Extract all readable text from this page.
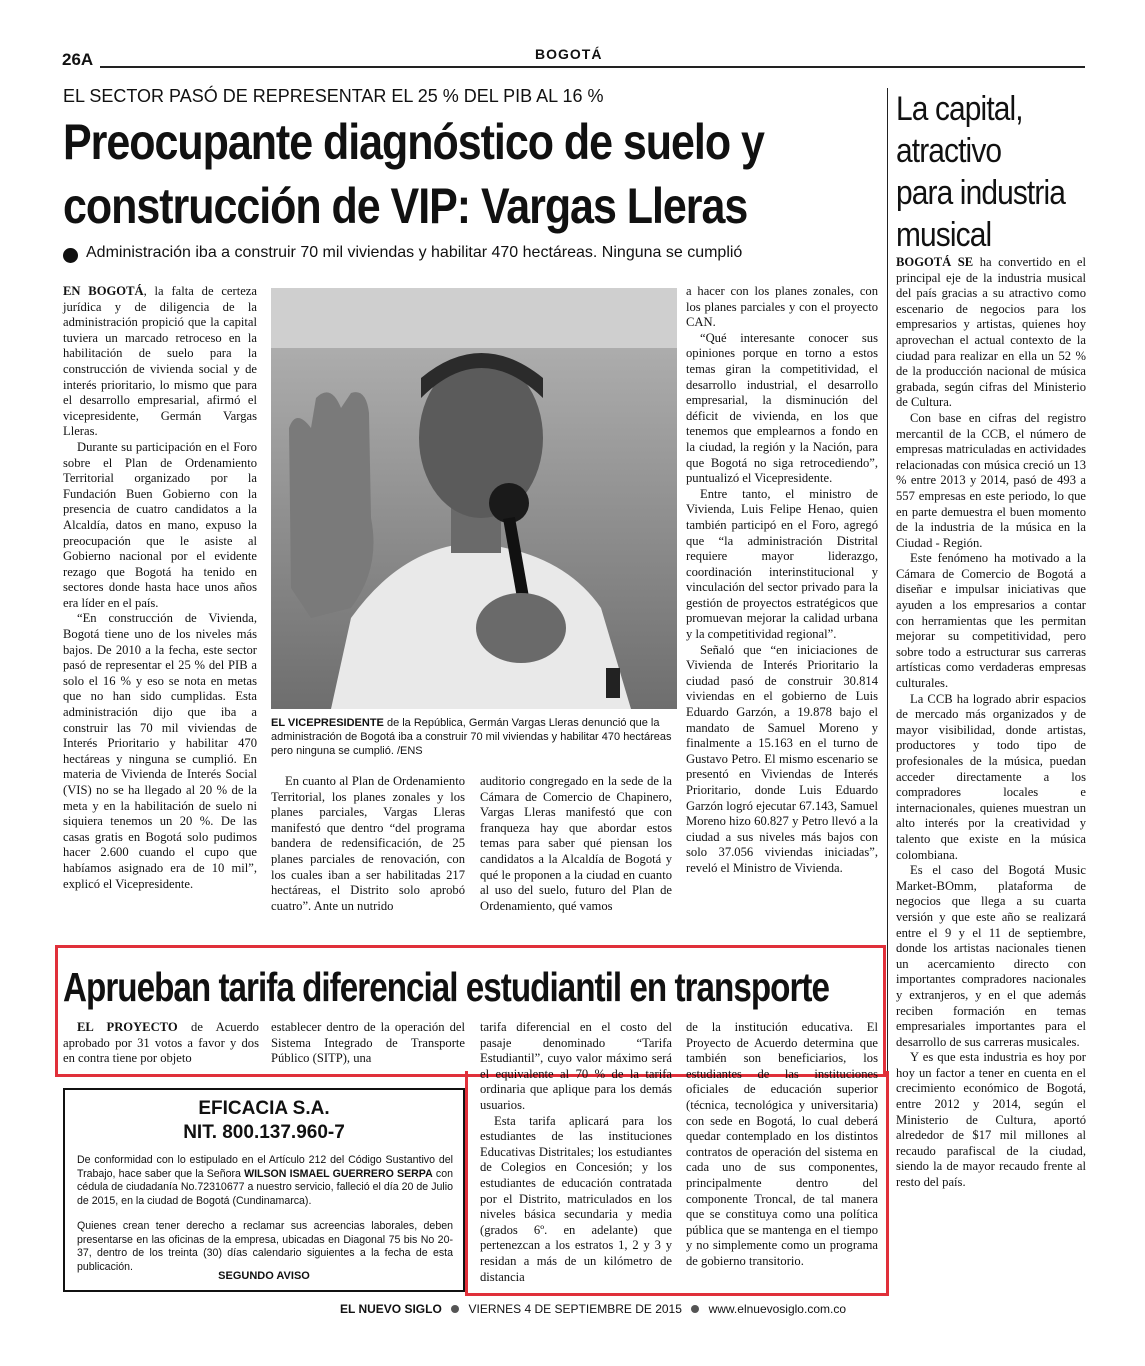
26A	BOGOTÁ
EL SECTOR PASÓ DE REPRESENTAR EL 25 % DEL PIB AL 16 %
Preocupante diagnóstico de suelo y
construcción de VIP: Vargas Lleras
Administración iba a construir 70 mil viviendas y habilitar 470 hectáreas. Ninguna se cumplió

EN BOGOTÁ, la falta de certeza jurídica y de diligencia de la administración propició que la capital tuviera un marcado retroceso en la habilitación de suelo para la construcción de vivienda social y de interés prioritario, lo mismo que para el desarrollo empresarial, afirmó el vicepresidente, Germán Vargas Lleras.

Durante su participación en el Foro sobre el Plan de Ordenamiento Territorial organizado por la Fundación Buen Gobierno con la presencia de cuatro candidatos a la Alcaldía, datos en mano, expuso la preocupación que le asiste al Gobierno nacional por el evidente rezago que Bogotá ha tenido en sectores donde hasta hace unos años era líder en el país.

“En construcción de Vivienda, Bogotá tiene uno de los niveles más bajos. De 2010 a la fecha, este sector pasó de representar el 25 % del PIB a solo el 16 % y eso se nota en metas que no han sido cumplidas. Esta administración dijo que iba a construir las 70 mil viviendas de Interés Prioritario y habilitar 470 hectáreas y ninguna se cumplió. En materia de Vivienda de Interés Social (VIS) no se ha llegado al 20 % de la meta y en la habilitación de suelo ni siquiera tenemos un 20 %. De las casas gratis en Bogotá solo pudimos hacer 2.600 cuando el cupo que habíamos asignado era de 10 mil”, explicó el Vicepresidente.

EL VICEPRESIDENTE de la República, Germán Vargas Lleras denunció que la administración de Bogotá iba a construir 70 mil viviendas y habilitar 470 hectáreas pero ninguna se cumplió. /ENS

En cuanto al Plan de Ordenamiento Territorial, los planes zonales y los planes parciales, Vargas Lleras manifestó que dentro “del programa bandera de redensificación, de 25 planes parciales de renovación, con los cuales iban a ser habilitadas 217 hectáreas, el Distrito solo aprobó cuatro”. Ante un nutrido

auditorio congregado en la sede de la Cámara de Comercio de Chapinero, Vargas Lleras manifestó que con franqueza hay que abordar estos temas para saber qué piensan los candidatos a la Alcaldía de Bogotá y qué le proponen a la ciudad en cuanto al uso del suelo, futuro del Plan de Ordenamiento, qué vamos

a hacer con los planes zonales, con los planes parciales y con el proyecto CAN.

“Qué interesante conocer sus opiniones porque en torno a estos temas giran la competitividad, el desarrollo industrial, el desarrollo empresarial, la disminución del déficit de vivienda, en los que tenemos que emplearnos a fondo en la ciudad, la región y la Nación, para que Bogotá no siga retrocediendo”, puntualizó el Vicepresidente.

Entre tanto, el ministro de Vivienda, Luis Felipe Henao, quien también participó en el Foro, agregó que “la administración Distrital requiere mayor liderazgo, coordinación interinstitucional y vinculación del sector privado para la gestión de proyectos estratégicos que promuevan mejorar la calidad urbana y la competitividad regional”.

Señaló que “en iniciaciones de Vivienda de Interés Prioritario la ciudad pasó de construir 30.814 viviendas en el gobierno de Luis Eduardo Garzón, a 19.878 bajo el mandato de Samuel Moreno y finalmente a 15.163 en el turno de Gustavo Petro. El mismo escenario se presentó en Viviendas de Interés Prioritario, donde Luis Eduardo Garzón logró ejecutar 67.143, Samuel Moreno hizo 60.827 y Petro llevó a la ciudad a sus niveles más bajos con solo 37.056 viviendas iniciadas”, reveló el Ministro de Vivienda.

La capital,
atractivo
para industria
musical

BOGOTÁ SE ha convertido en el principal eje de la industria musical del país gracias a su atractivo como escenario de negocios para los empresarios y artistas, quienes hoy aprovechan el actual contexto de la ciudad para realizar en ella un 52 % de la producción nacional de música grabada, según cifras del Ministerio de Cultura.

Con base en cifras del registro mercantil de la CCB, el número de empresas matriculadas en actividades relacionadas con música creció un 13 % entre 2013 y 2014, pasó de 493 a 557 empresas en este periodo, lo que en parte demuestra el buen momento de la industria de la música en la Ciudad - Región.

Este fenómeno ha motivado a la Cámara de Comercio de Bogotá a diseñar e impulsar iniciativas que ayuden a los empresarios a contar con herramientas que les permitan mejorar su competitividad, pero sobre todo a estructurar sus carreras artísticas como verdaderas empresas culturales.

La CCB ha logrado abrir espacios de mercado más organizados y de mayor visibilidad, donde artistas, productores y todo tipo de profesionales de la música, puedan acceder directamente a los compradores locales e internacionales, quienes muestran un alto interés por la creatividad y talento que existe en la música colombiana.

Es el caso del Bogotá Music Market-BOmm, plataforma de negocios que llega a su cuarta versión y que este año se realizará entre el 9 y el 11 de septiembre, donde los artistas nacionales tienen un acercamiento directo con importantes compradores nacionales y extranjeros, y en el que además reciben formación en temas empresariales importantes para el desarrollo de sus carreras musicales.

Y es que esta industria es hoy por hoy un factor a tener en cuenta en el crecimiento económico de Bogotá, entre 2012 y 2014, según el Ministerio de Cultura, aportó alrededor de $17 mil millones al recaudo parafiscal de la ciudad, siendo la de mayor recaudo frente al resto del país.

Aprueban tarifa diferencial estudiantil en transporte

EL PROYECTO de Acuerdo aprobado por 31 votos a favor y dos en contra tiene por objeto

establecer dentro de la operación del Sistema Integrado de Transporte Público (SITP), una

tarifa diferencial en el costo del pasaje denominado “Tarifa Estudiantil”, cuyo valor máximo será el equivalente al 70 % de la tarifa ordinaria que aplique para los demás usuarios.

Esta tarifa aplicará para los estudiantes de las instituciones Educativas Distritales; los estudiantes de Colegios en Concesión; y los estudiantes de educación contratada por el Distrito, matriculados en los niveles básica secundaria y media (grados 6º. en adelante) que pertenezcan a los estratos 1, 2 y 3 y residan a más de un kilómetro de distancia

de la institución educativa. El Proyecto de Acuerdo determina que también son beneficiarios, los estudiantes de las instituciones oficiales de educación superior (técnica, tecnológica y universitaria) con sede en Bogotá, lo cual deberá quedar contemplado en los distintos contratos de operación del sistema en cada uno de sus componentes, principalmente dentro del componente Troncal, de tal manera que se constituya como una política pública que se mantenga en el tiempo y no simplemente como un programa de gobierno transitorio.

EFICACIA S.A.
NIT. 800.137.960-7
De conformidad con lo estipulado en el Artículo 212 del Código Sustantivo del Trabajo, hace saber que la Señora WILSON ISMAEL GUERRERO SERPA con cédula de ciudadanía No.72310677 a nuestro servicio, falleció el día 20 de Julio de 2015, en la ciudad de Bogotá (Cundinamarca).
Quienes crean tener derecho a reclamar sus acreencias laborales, deben presentarse en las oficinas de la empresa, ubicadas en Diagonal 75 bis No 20-37, dentro de los treinta (30) días calendario siguientes a la fecha de esta publicación.
SEGUNDO AVISO
EL NUEVO SIGLO VIERNES 4 DE SEPTIEMBRE DE 2015 www.elnuevosiglo.com.co
